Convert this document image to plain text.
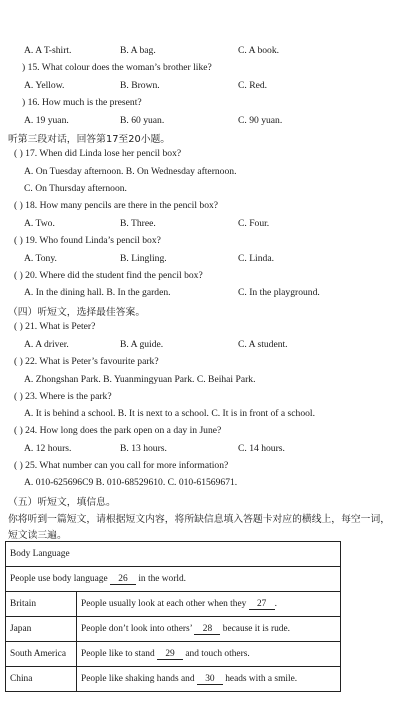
A. A T-shirt.	B. A bag.	C. A book.
) 15. What colour does the woman’s brother like?
A. Yellow.	B. Brown.	C. Red.
) 16. How much is the present?
A. 19 yuan.	B. 60 yuan.	C. 90 yuan.
听第三段对话，回答第17至20小题。
( ) 17. When did Linda lose her pencil box?
A. On Tuesday afternoon. B. On Wednesday afternoon.
C. On Thursday afternoon.
( ) 18. How many pencils are there in the pencil box?
A. Two.	B. Three.	C. Four.
( ) 19. Who found Linda’s pencil box?
A. Tony.	B. Lingling.	C. Linda.
( ) 20. Where did the student find the pencil box?
A. In the dining hall. B. In the garden.	C. In the playground.
（四）听短文，选择最佳答案。
( ) 21. What is Peter?
A. A driver.	B. A guide.	C. A student.
( ) 22. What is Peter’s favourite park?
A. Zhongshan Park. B. Yuanmingyuan Park. C. Beihai Park.
( ) 23. Where is the park?
A. It is behind a school. B. It is next to a school. C. It is in front of a school.
( ) 24. How long does the park open on a day in June?
A. 12 hours.	B. 13 hours.	C. 14 hours.
( ) 25. What number can you call for more information?
A. 010-625696C9 B. 010-68529610. C. 010-61569671.
（五）听短文，填信息。
你将听到一篇短文，请根据短文内容，将所缺信息填入答题卡对应的横线上，每空一词，
短文读三遍。
Body Language	
People use body language 26 in the world.	
Britain	People usually look at each other when they 27 .
Japan	People don’t look into others’ 28 because it is rude.
South America	People like to stand 29 and touch others.
China	People like shaking hands and 30 heads with a smile.
